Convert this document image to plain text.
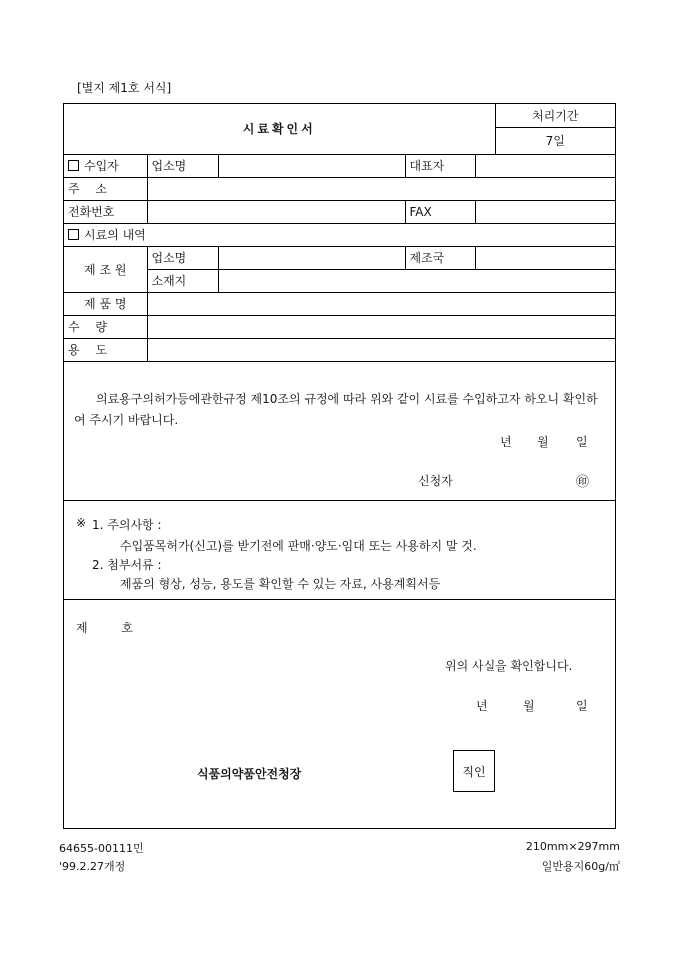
[별지 제1호 서식]
시료확인서					처리기간
					7일
수입자	업소명		대표자		
주 소					
전화번호			FAX		
시료의 내역					
제 조 원	업소명		제조국		
	소재지				
제 품 명					
수 량					
용 도					
의료용구의허가등에관한규정 제10조의 규정에 따라 위와 같이 시료를 수입하고자 하오니 확인하여 주시기 바랍니다.
년 월 일
신청자	㊞
※ 1. 주의사항 :
수입품목허가(신고)를 받기전에 판매·양도·임대 또는 사용하지 말 것.
2. 첨부서류 :
제품의 형상, 성능, 용도를 확인할 수 있는 자료, 사용계획서등
제 호
위의 사실을 확인합니다.
년	월	일
식품의약품안전청장	직인
64655-00111민
'99.2.27개정
210mm×297mm
일반용지60g/㎡
